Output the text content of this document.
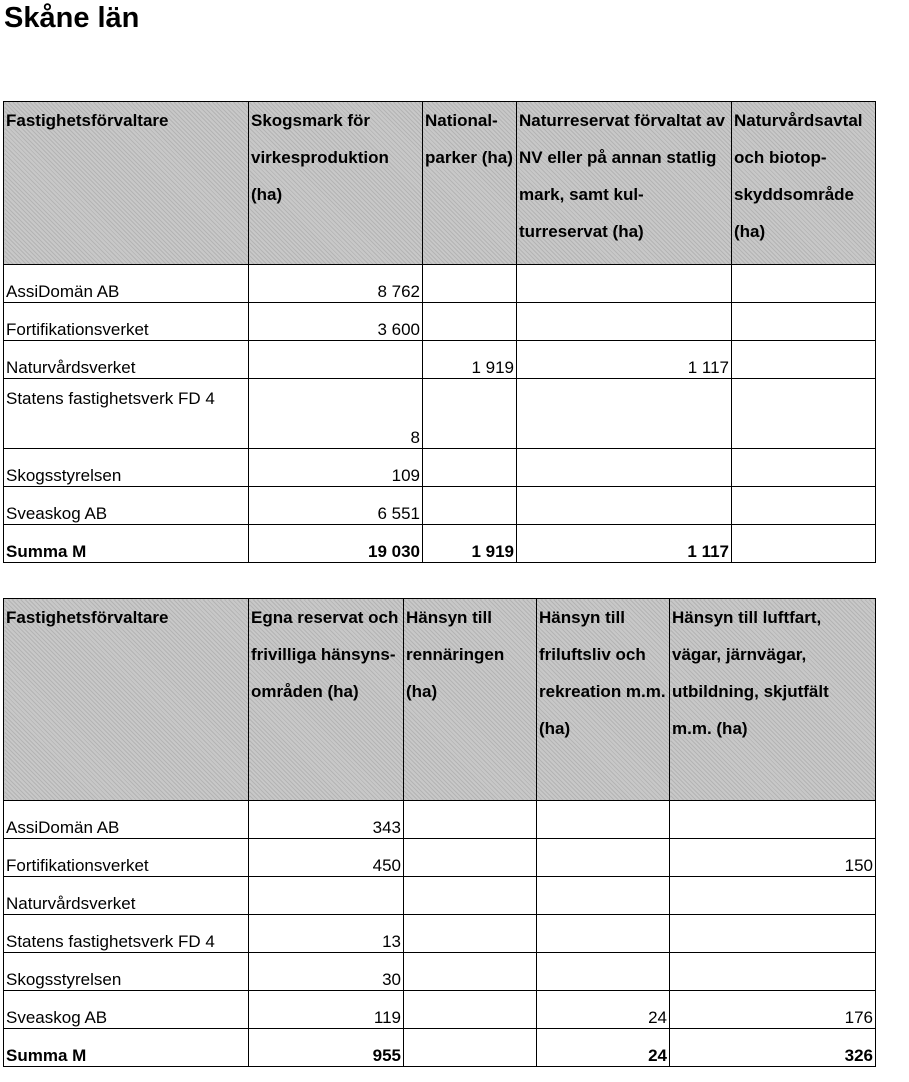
Skåne län
Fastighetsförvaltare	Skogsmark för virkesproduktion (ha)	National-parker (ha)	Naturreservat förvaltat av NV eller på annan statlig mark, samt kul-turreservat (ha)	Naturvårdsavtal och biotop-skyddsområde (ha)
AssiDomän AB	8 762			
Fortifikationsverket	3 600			
Naturvårdsverket		1 919	1 117	
Statens fastighetsverk FD 4	8			
Skogsstyrelsen	109			
Sveaskog AB	6 551			
Summa M	19 030	1 919	1 117	
Fastighetsförvaltare	Egna reservat och frivilliga hänsyns-områden (ha)	Hänsyn till rennäringen (ha)	Hänsyn till friluftsliv och rekreation m.m. (ha)	Hänsyn till luftfart, vägar, järnvägar, utbildning, skjutfält m.m. (ha)
AssiDomän AB	343			
Fortifikationsverket	450			150
Naturvårdsverket				
Statens fastighetsverk FD 4	13			
Skogsstyrelsen	30			
Sveaskog AB	119		24	176
Summa M	955		24	326
